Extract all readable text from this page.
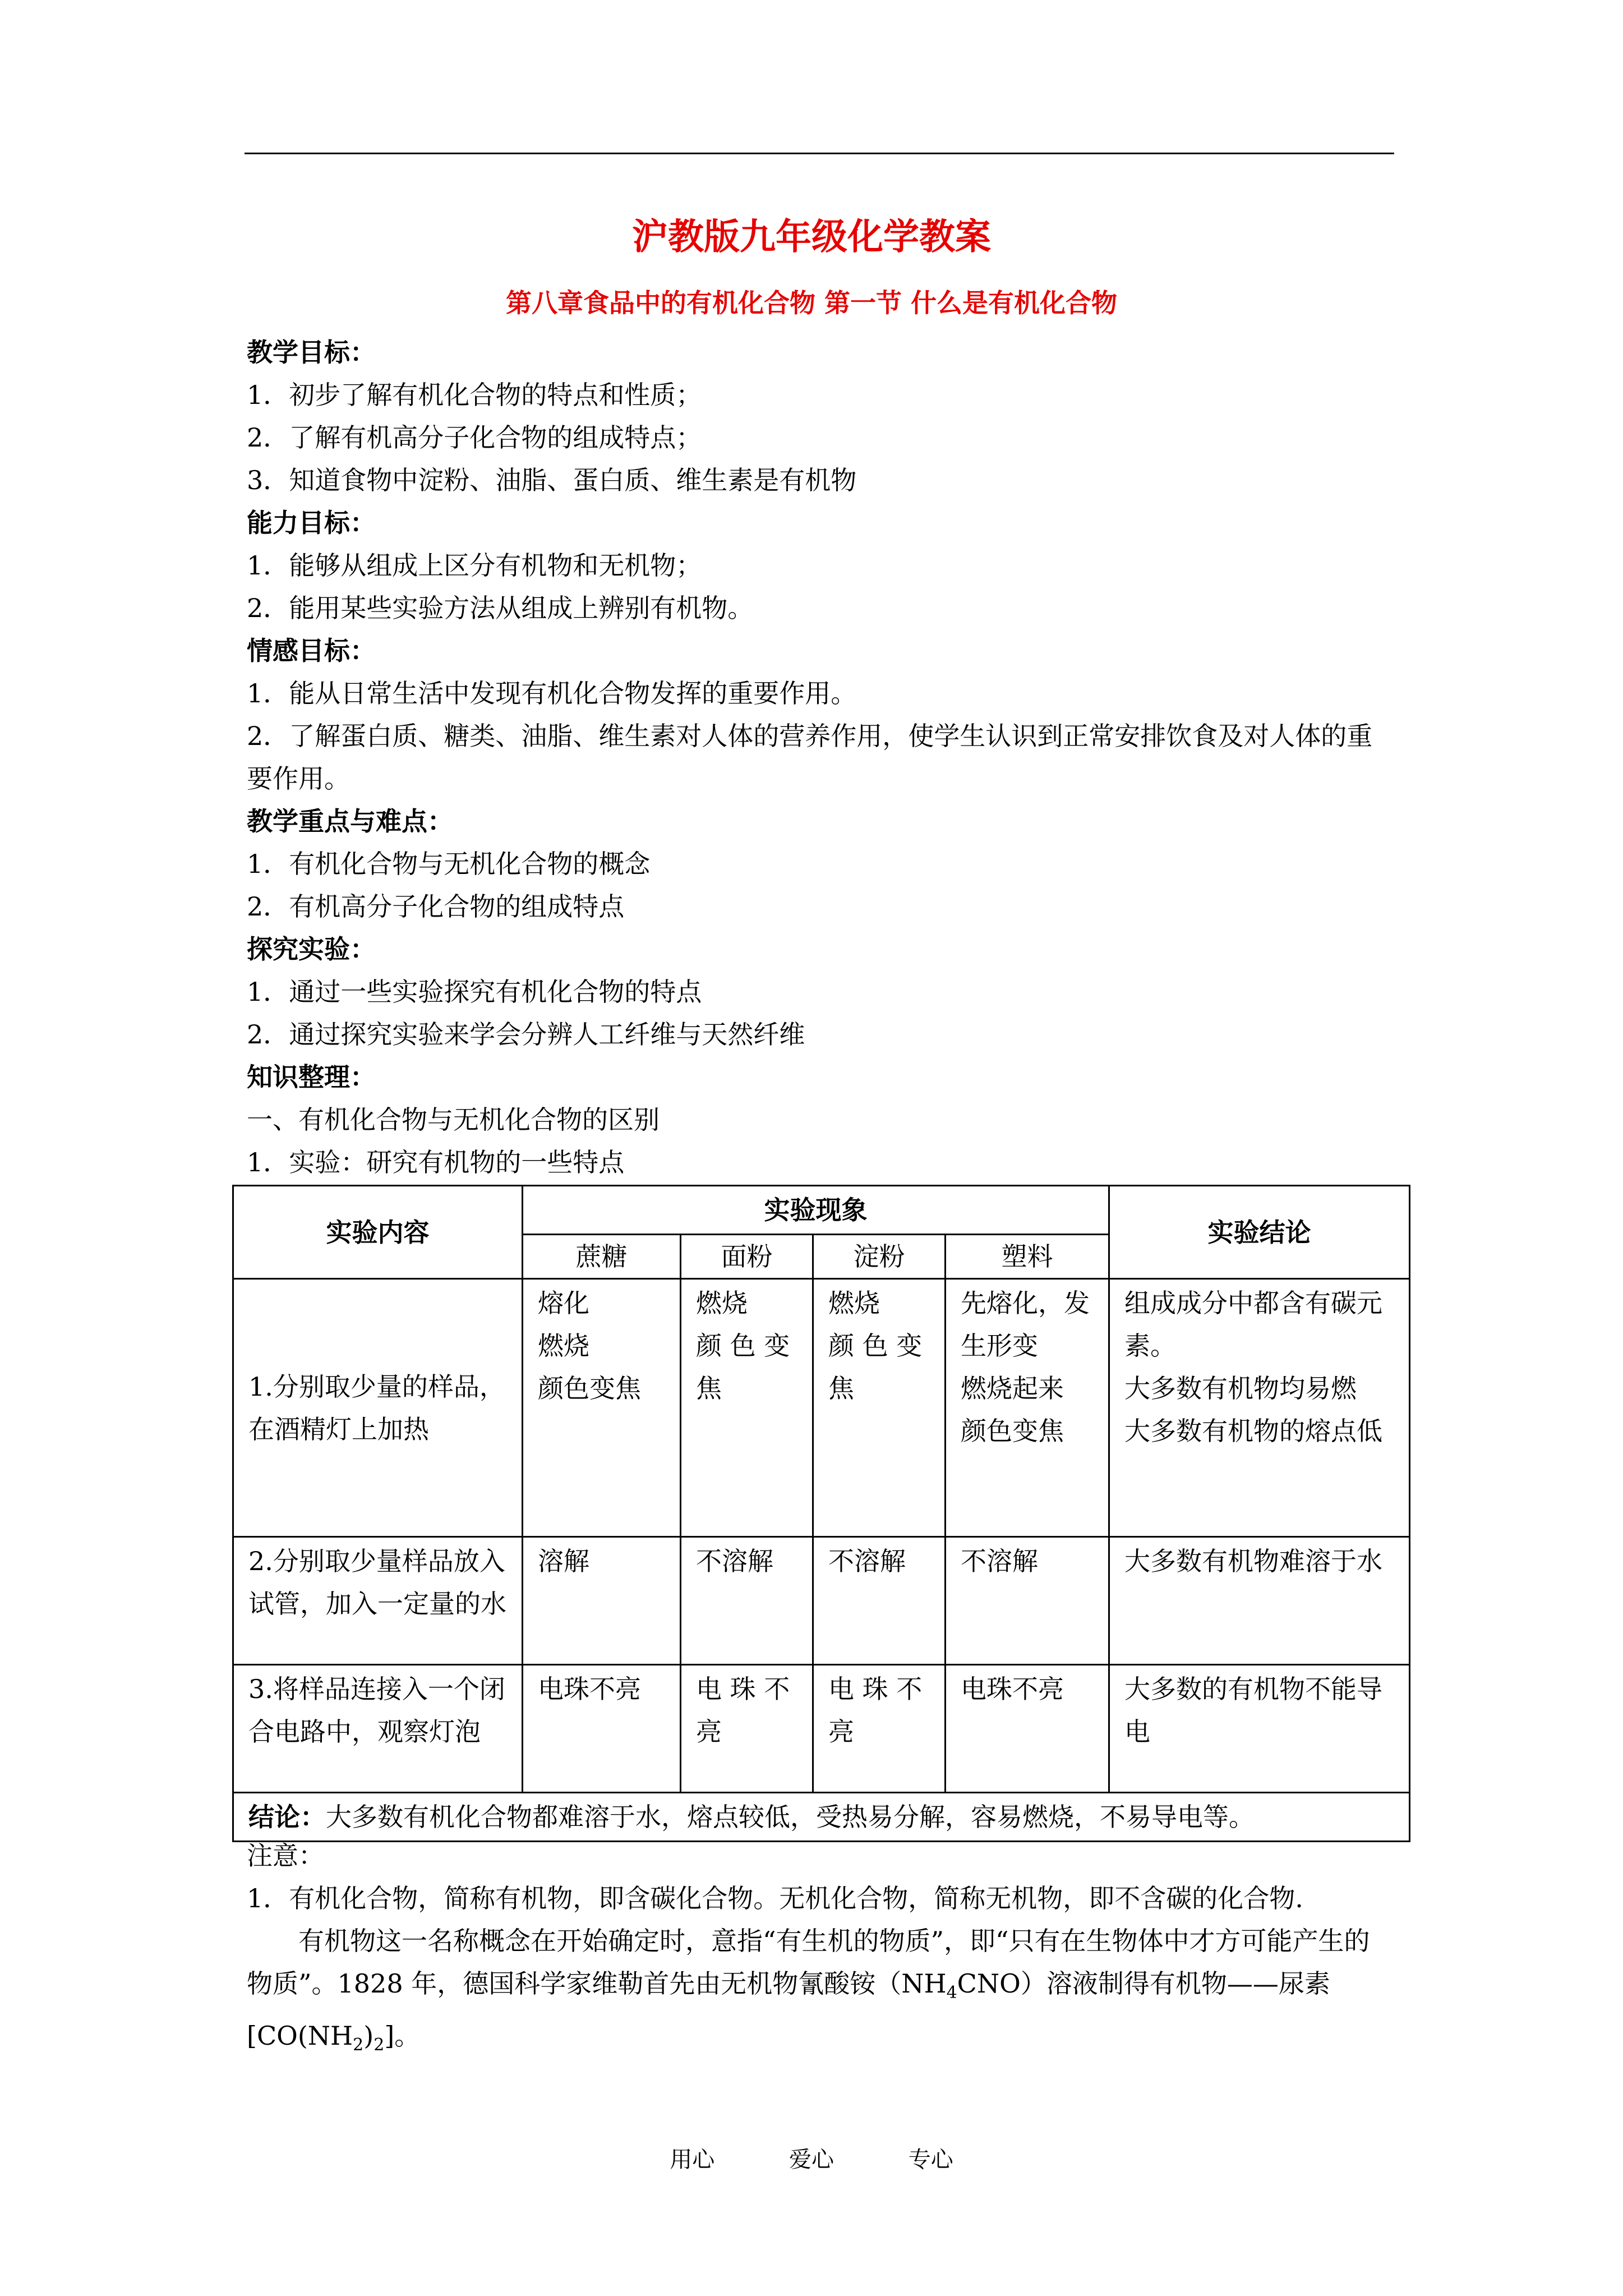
沪教版九年级化学教案
第八章食品中的有机化合物 第一节 什么是有机化合物
教学目标：
1．初步了解有机化合物的特点和性质；
2．了解有机高分子化合物的组成特点；
3．知道食物中淀粉、油脂、蛋白质、维生素是有机物
能力目标：
1．能够从组成上区分有机物和无机物；
2．能用某些实验方法从组成上辨别有机物。
情感目标：
1．能从日常生活中发现有机化合物发挥的重要作用。
2．了解蛋白质、糖类、油脂、维生素对人体的营养作用，使学生认识到正常安排饮食及对人体的重要作用。
教学重点与难点：
1．有机化合物与无机化合物的概念
2．有机高分子化合物的组成特点
探究实验：
1．通过一些实验探究有机化合物的特点
2．通过探究实验来学会分辨人工纤维与天然纤维
知识整理：
一、有机化合物与无机化合物的区别
1．实验：研究有机物的一些特点
实验内容	实验现象				实验结论
	蔗糖	面粉	淀粉	塑料	
1.分别取少量的样品，在酒精灯上加热	熔化
燃烧
颜色变焦	燃烧
颜 色 变 焦	燃烧
颜 色 变 焦	先熔化，发生形变
燃烧起来
颜色变焦	组成成分中都含有碳元素。
大多数有机物均易燃
大多数有机物的熔点低

2.分别取少量样品放入试管，加入一定量的水	溶解	不溶解	不溶解	不溶解	大多数有机物难溶于水

3.将样品连接入一个闭合电路中，观察灯泡	电珠不亮	电 珠 不 亮	电 珠 不 亮	电珠不亮	大多数的有机物不能导电

结论：大多数有机化合物都难溶于水，熔点较低，受热易分解，容易燃烧，不易导电等。					
注意：
1．有机化合物，简称有机物，即含碳化合物。无机化合物，简称无机物，即不含碳的化合物.
有机物这一名称概念在开始确定时，意指“有生机的物质”，即“只有在生物体中才方可能产生的物质”。1828 年，德国科学家维勒首先由无机物氰酸铵$(NH_4CNO)$溶液制得有机物——尿素$[CO(NH_2)_2]$。
用心	爱心	专心
